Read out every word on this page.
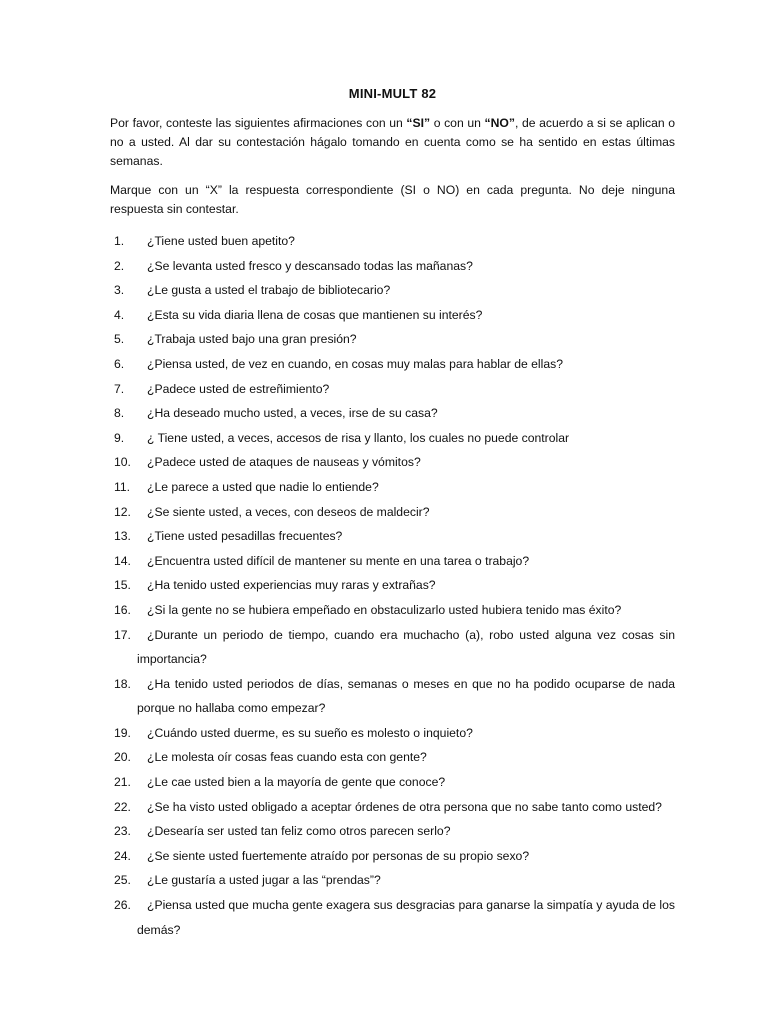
MINI-MULT 82

Por favor, conteste las siguientes afirmaciones con un “SI” o con un “NO”, de acuerdo a si se aplican o no a usted. Al dar su contestación hágalo tomando en cuenta como se ha sentido en estas últimas semanas.

Marque con un “X” la respuesta correspondiente (SI o NO) en cada pregunta. No deje ninguna respuesta sin contestar.

1.	¿Tiene usted buen apetito?
2.	¿Se levanta usted fresco y descansado todas las mañanas?
3.	¿Le gusta a usted el trabajo de bibliotecario?
4.	¿Esta su vida diaria llena de cosas que mantienen su interés?
5.	¿Trabaja usted bajo una gran presión?
6.	¿Piensa usted, de vez en cuando, en cosas muy malas para hablar de ellas?
7.	¿Padece usted de estreñimiento?
8.	¿Ha deseado mucho usted, a veces, irse de su casa?
9.	¿ Tiene usted, a veces, accesos de risa y llanto, los cuales no puede controlar
10. ¿Padece usted de ataques de nauseas y vómitos?
11.	¿Le parece a usted que nadie lo entiende?
12. ¿Se siente usted, a veces, con deseos de maldecir?
13. ¿Tiene usted pesadillas frecuentes?
14. ¿Encuentra usted difícil de mantener su mente en una tarea o trabajo?
15. ¿Ha tenido usted experiencias muy raras y extrañas?
16. ¿Si la gente no se hubiera empeñado en obstaculizarlo usted hubiera tenido mas éxito?
17. ¿Durante un periodo de tiempo, cuando era muchacho (a), robo usted alguna vez cosas sin importancia?
18. ¿Ha tenido usted periodos de días, semanas o meses en que no ha podido ocuparse de nada porque no hallaba como empezar?
19. ¿Cuándo usted duerme, es su sueño es molesto o inquieto?
20. ¿Le molesta oír cosas feas cuando esta con gente?
21. ¿Le cae usted bien a la mayoría de gente que conoce?
22. ¿Se ha visto usted obligado a aceptar órdenes de otra persona que no sabe tanto como usted?
23. ¿Desearía ser usted tan feliz como otros parecen serlo?
24. ¿Se siente usted fuertemente atraído por personas de su propio sexo?
25. ¿Le gustaría a usted jugar a las “prendas”?
26. ¿Piensa usted que mucha gente exagera sus desgracias para ganarse la simpatía y ayuda de los demás?
